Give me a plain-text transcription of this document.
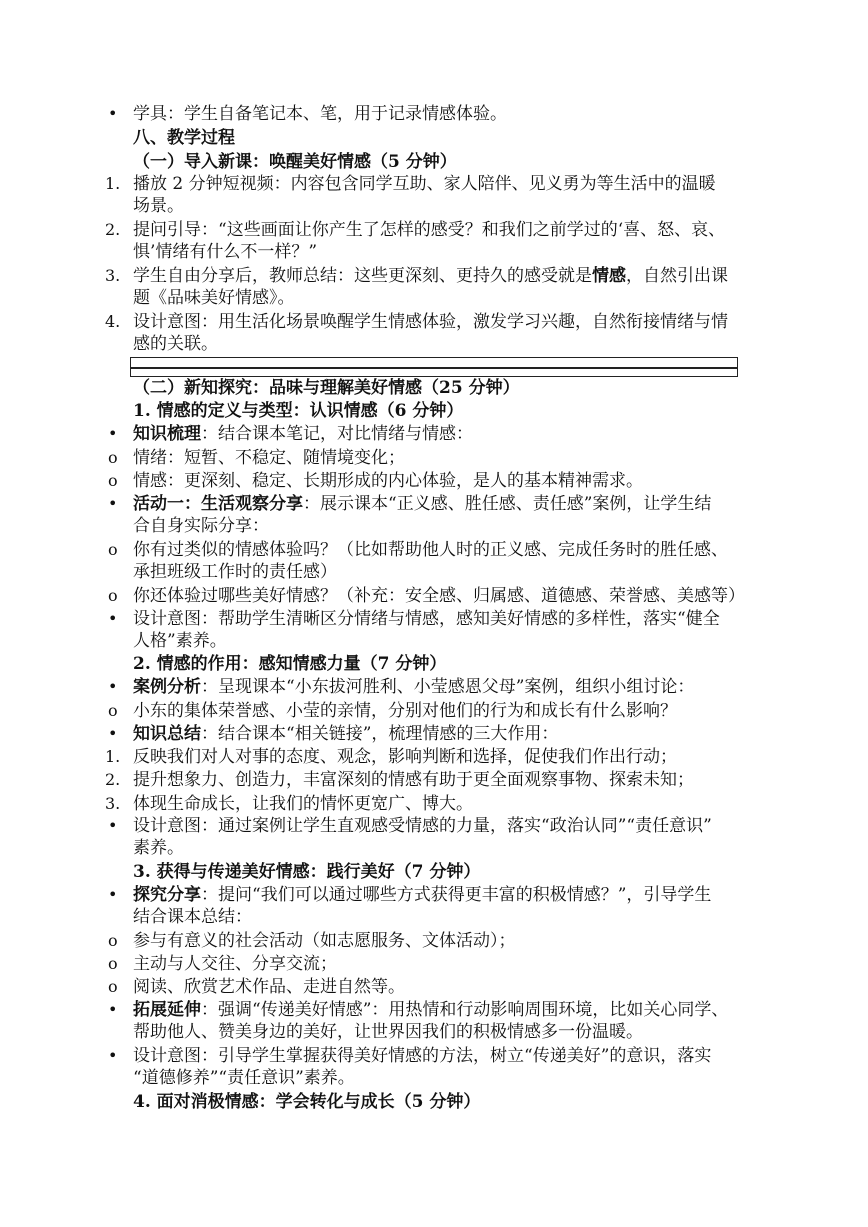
• 学具：学生自备笔记本、笔，用于记录情感体验。
八、教学过程
（一）导入新课：唤醒美好情感（5 分钟）
1. 播放 2 分钟短视频：内容包含同学互助、家人陪伴、见义勇为等生活中的温暖
场景。
2. 提问引导：“这些画面让你产生了怎样的感受？和我们之前学过的‘喜、怒、哀、
惧’情绪有什么不一样？”
3. 学生自由分享后，教师总结：这些更深刻、更持久的感受就是情感，自然引出课
题《品味美好情感》。
4. 设计意图：用生活化场景唤醒学生情感体验，激发学习兴趣，自然衔接情绪与情
感的关联。
（二）新知探究：品味与理解美好情感（25 分钟）
1. 情感的定义与类型：认识情感（6 分钟）
• 知识梳理：结合课本笔记，对比情绪与情感：
o 情绪：短暂、不稳定、随情境变化；
o 情感：更深刻、稳定、长期形成的内心体验，是人的基本精神需求。
• 活动一：生活观察分享：展示课本“正义感、胜任感、责任感”案例，让学生结
合自身实际分享：
o 你有过类似的情感体验吗？（比如帮助他人时的正义感、完成任务时的胜任感、
承担班级工作时的责任感）
o 你还体验过哪些美好情感？（补充：安全感、归属感、道德感、荣誉感、美感等）
• 设计意图：帮助学生清晰区分情绪与情感，感知美好情感的多样性，落实“健全
人格”素养。
2. 情感的作用：感知情感力量（7 分钟）
• 案例分析：呈现课本“小东拔河胜利、小莹感恩父母”案例，组织小组讨论：
o 小东的集体荣誉感、小莹的亲情，分别对他们的行为和成长有什么影响？
• 知识总结：结合课本“相关链接”，梳理情感的三大作用：
1. 反映我们对人对事的态度、观念，影响判断和选择，促使我们作出行动；
2. 提升想象力、创造力，丰富深刻的情感有助于更全面观察事物、探索未知；
3. 体现生命成长，让我们的情怀更宽广、博大。
• 设计意图：通过案例让学生直观感受情感的力量，落实“政治认同”“责任意识”
素养。
3. 获得与传递美好情感：践行美好（7 分钟）
• 探究分享：提问“我们可以通过哪些方式获得更丰富的积极情感？”，引导学生
结合课本总结：
o 参与有意义的社会活动（如志愿服务、文体活动）；
o 主动与人交往、分享交流；
o 阅读、欣赏艺术作品、走进自然等。
• 拓展延伸：强调“传递美好情感”：用热情和行动影响周围环境，比如关心同学、
帮助他人、赞美身边的美好，让世界因我们的积极情感多一份温暖。
• 设计意图：引导学生掌握获得美好情感的方法，树立“传递美好”的意识，落实
“道德修养”“责任意识”素养。
4. 面对消极情感：学会转化与成长（5 分钟）
